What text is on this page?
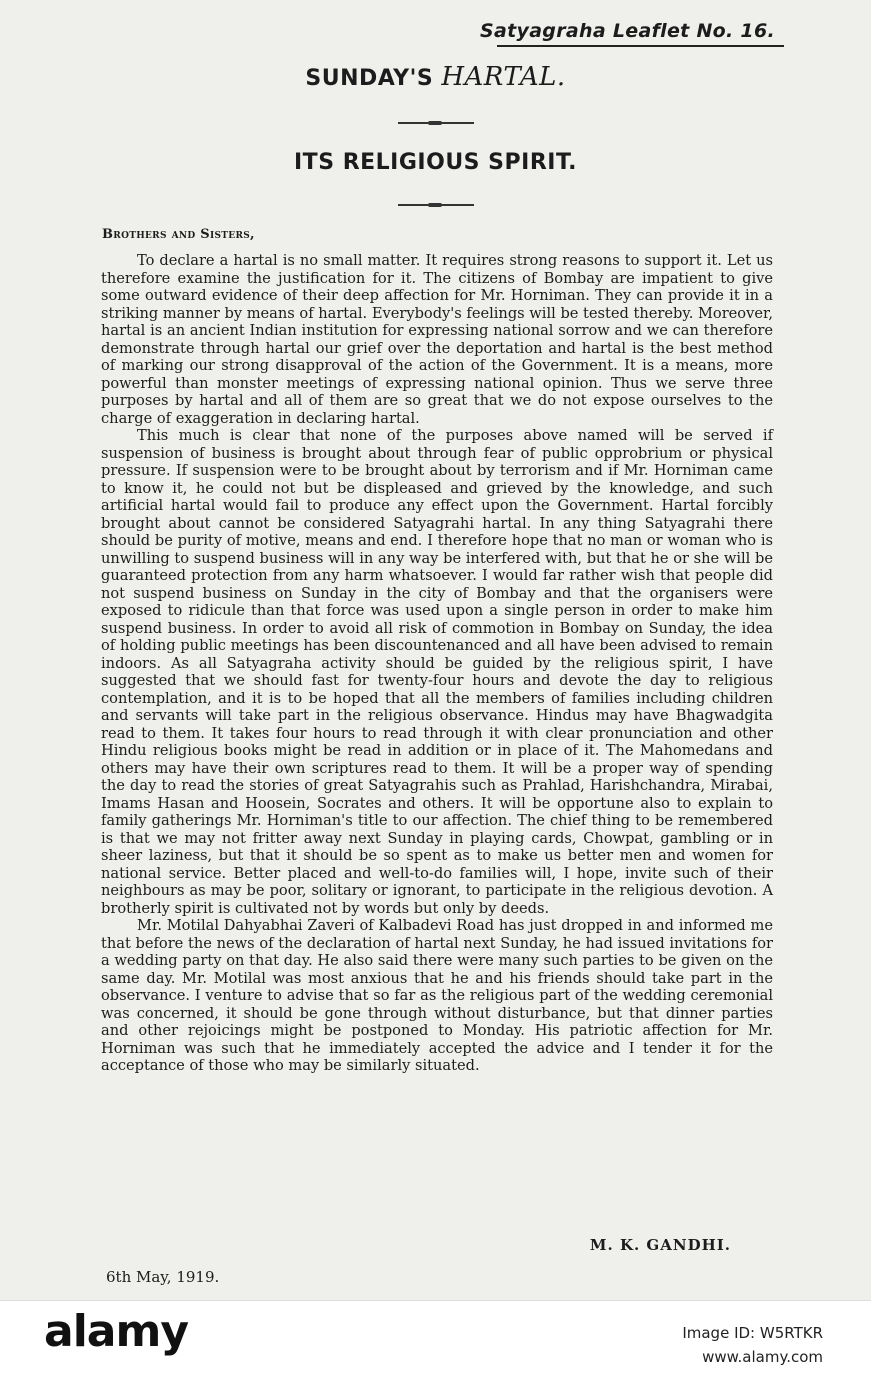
Satyagraha Leaflet No. 16.
SUNDAY'S HARTAL.
ITS RELIGIOUS SPIRIT.
Brothers and Sisters,

To declare a hartal is no small matter. It requires strong reasons to support it. Let us therefore examine the justification for it. The citizens of Bombay are impatient to give some outward evidence of their deep affection for Mr. Horniman. They can provide it in a striking manner by means of hartal. Everybody's feelings will be tested thereby. Moreover, hartal is an ancient Indian institution for expressing national sorrow and we can therefore demonstrate through hartal our grief over the deportation and hartal is the best method of marking our strong disapproval of the action of the Government. It is a means, more powerful than monster meetings of expressing national opinion. Thus we serve three purposes by hartal and all of them are so great that we do not expose ourselves to the charge of exaggeration in declaring hartal.

This much is clear that none of the purposes above named will be served if suspension of business is brought about through fear of public opprobrium or physical pressure. If suspension were to be brought about by terrorism and if Mr. Horniman came to know it, he could not but be displeased and grieved by the knowledge, and such artificial hartal would fail to produce any effect upon the Government. Hartal forcibly brought about cannot be considered Satyagrahi hartal. In any thing Satyagrahi there should be purity of motive, means and end. I therefore hope that no man or woman who is unwilling to suspend business will in any way be interfered with, but that he or she will be guaranteed protection from any harm whatsoever. I would far rather wish that people did not suspend business on Sunday in the city of Bombay and that the organisers were exposed to ridicule than that force was used upon a single person in order to make him suspend business. In order to avoid all risk of commotion in Bombay on Sunday, the idea of holding public meetings has been discountenanced and all have been advised to remain indoors. As all Satyagraha activity should be guided by the religious spirit, I have suggested that we should fast for twenty-four hours and devote the day to religious contemplation, and it is to be hoped that all the members of families including children and servants will take part in the religious observance. Hindus may have Bhagwadgita read to them. It takes four hours to read through it with clear pronunciation and other Hindu religious books might be read in addition or in place of it. The Mahomedans and others may have their own scriptures read to them. It will be a proper way of spending the day to read the stories of great Satyagrahis such as Prahlad, Harishchandra, Mirabai, Imams Hasan and Hoosein, Socrates and others. It will be opportune also to explain to family gatherings Mr. Horniman's title to our affection. The chief thing to be remembered is that we may not fritter away next Sunday in playing cards, Chowpat, gambling or in sheer laziness, but that it should be so spent as to make us better men and women for national service. Better placed and well-to-do families will, I hope, invite such of their neighbours as may be poor, solitary or ignorant, to participate in the religious devotion. A brotherly spirit is cultivated not by words but only by deeds.

Mr. Motilal Dahyabhai Zaveri of Kalbadevi Road has just dropped in and informed me that before the news of the declaration of hartal next Sunday, he had issued invitations for a wedding party on that day. He also said there were many such parties to be given on the same day. Mr. Motilal was most anxious that he and his friends should take part in the observance. I venture to advise that so far as the religious part of the wedding ceremonial was concerned, it should be gone through without disturbance, but that dinner parties and other rejoicings might be postponed to Monday. His patriotic affection for Mr. Horniman was such that he immediately accepted the advice and I tender it for the acceptance of those who may be similarly situated.

M. K. GANDHI.
6th May, 1919.
alamy	Image ID: W5RTKR
www.alamy.com
